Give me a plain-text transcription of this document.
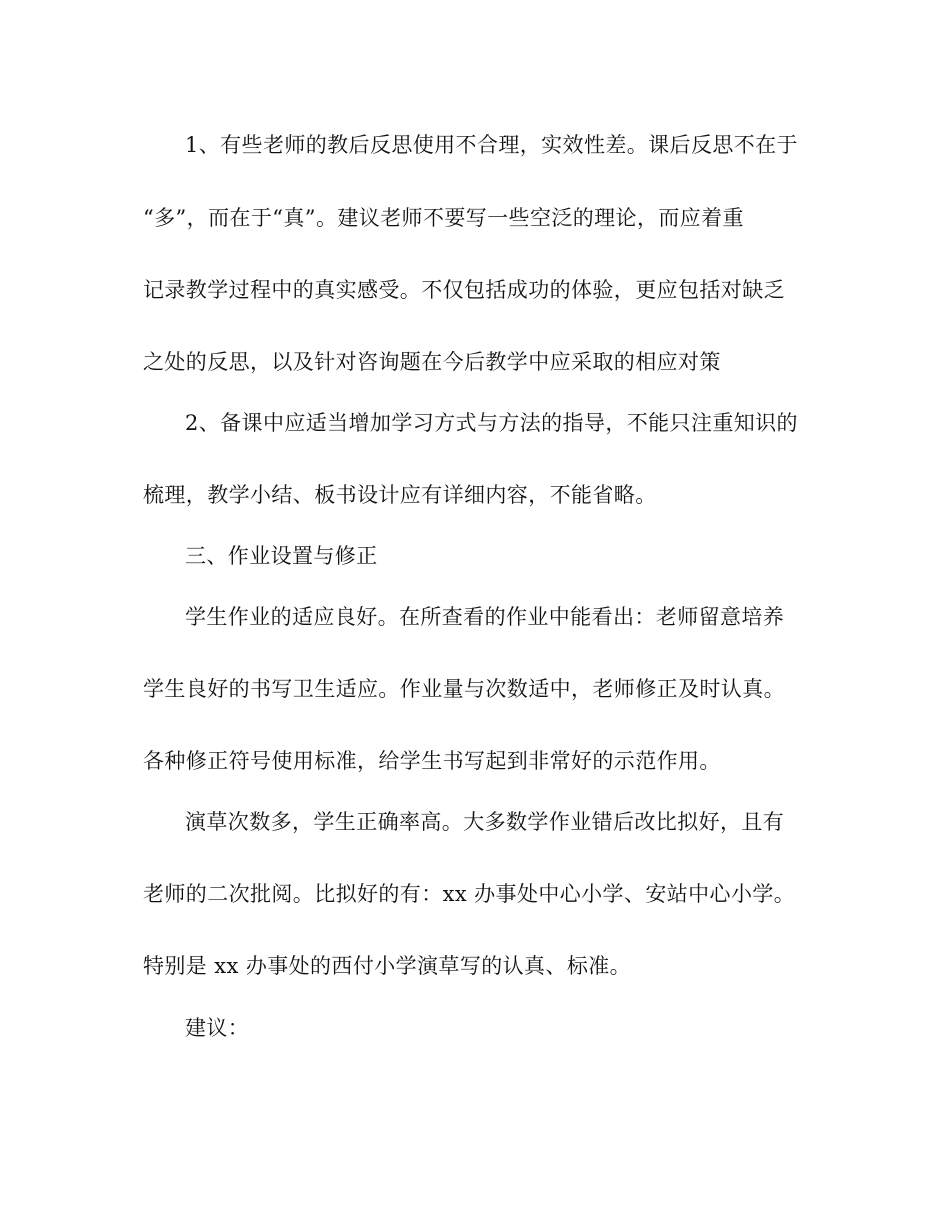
1、有些老师的教后反思使用不合理，实效性差。课后反思不在于
“多”，而在于“真”。建议老师不要写一些空泛的理论，而应着重
记录教学过程中的真实感受。不仅包括成功的体验，更应包括对缺乏
之处的反思，以及针对咨询题在今后教学中应采取的相应对策
2、备课中应适当增加学习方式与方法的指导，不能只注重知识的
梳理，教学小结、板书设计应有详细内容，不能省略。
三、作业设置与修正
学生作业的适应良好。在所查看的作业中能看出：老师留意培养
学生良好的书写卫生适应。作业量与次数适中，老师修正及时认真。
各种修正符号使用标准，给学生书写起到非常好的示范作用。
演草次数多，学生正确率高。大多数学作业错后改比拟好，且有
老师的二次批阅。比拟好的有：xx 办事处中心小学、安站中心小学。
特别是 xx 办事处的西付小学演草写的认真、标准。
建议：
